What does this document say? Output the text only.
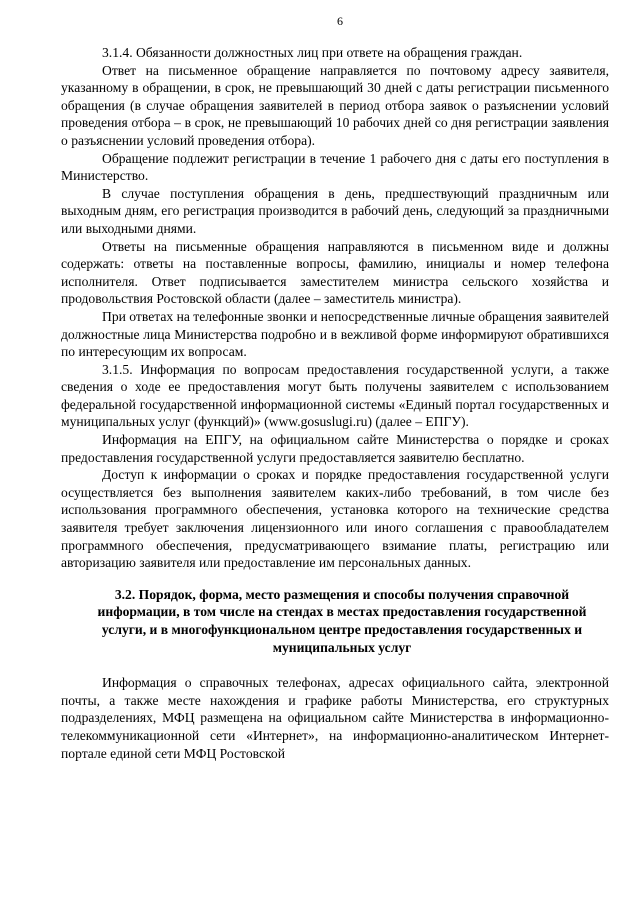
6

3.1.4. Обязанности должностных лиц при ответе на обращения граждан.

Ответ на письменное обращение направляется по почтовому адресу заявителя, указанному в обращении, в срок, не превышающий 30 дней с даты регистрации письменного обращения (в случае обращения заявителей в период отбора заявок о разъяснении условий проведения отбора – в срок, не превышающий 10 рабочих дней со дня регистрации заявления о разъяснении условий проведения отбора).

Обращение подлежит регистрации в течение 1 рабочего дня с даты его поступления в Министерство.

В случае поступления обращения в день, предшествующий праздничным или выходным дням, его регистрация производится в рабочий день, следующий за праздничными или выходными днями.

Ответы на письменные обращения направляются в письменном виде и должны содержать: ответы на поставленные вопросы, фамилию, инициалы и номер телефона исполнителя. Ответ подписывается заместителем министра сельского хозяйства и продовольствия Ростовской области (далее – заместитель министра).

При ответах на телефонные звонки и непосредственные личные обращения заявителей должностные лица Министерства подробно и в вежливой форме информируют обратившихся по интересующим их вопросам.

3.1.5. Информация по вопросам предоставления государственной услуги, а также сведения о ходе ее предоставления могут быть получены заявителем с использованием федеральной государственной информационной системы «Единый портал государственных и муниципальных услуг (функций)» (www.gosuslugi.ru) (далее – ЕПГУ).

Информация на ЕПГУ, на официальном сайте Министерства о порядке и сроках предоставления государственной услуги предоставляется заявителю бесплатно.

Доступ к информации о сроках и порядке предоставления государственной услуги осуществляется без выполнения заявителем каких-либо требований, в том числе без использования программного обеспечения, установка которого на технические средства заявителя требует заключения лицензионного или иного соглашения с правообладателем программного обеспечения, предусматривающего взимание платы, регистрацию или авторизацию заявителя или предоставление им персональных данных.

3.2. Порядок, форма, место размещения и способы получения справочной информации, в том числе на стендах в местах предоставления государственной услуги, и в многофункциональном центре предоставления государственных и муниципальных услуг

Информация о справочных телефонах, адресах официального сайта, электронной почты, а также месте нахождения и графике работы Министерства, его структурных подразделениях, МФЦ размещена на официальном сайте Министерства в информационно-телекоммуникационной сети «Интернет», на информационно-аналитическом Интернет-портале единой сети МФЦ Ростовской
